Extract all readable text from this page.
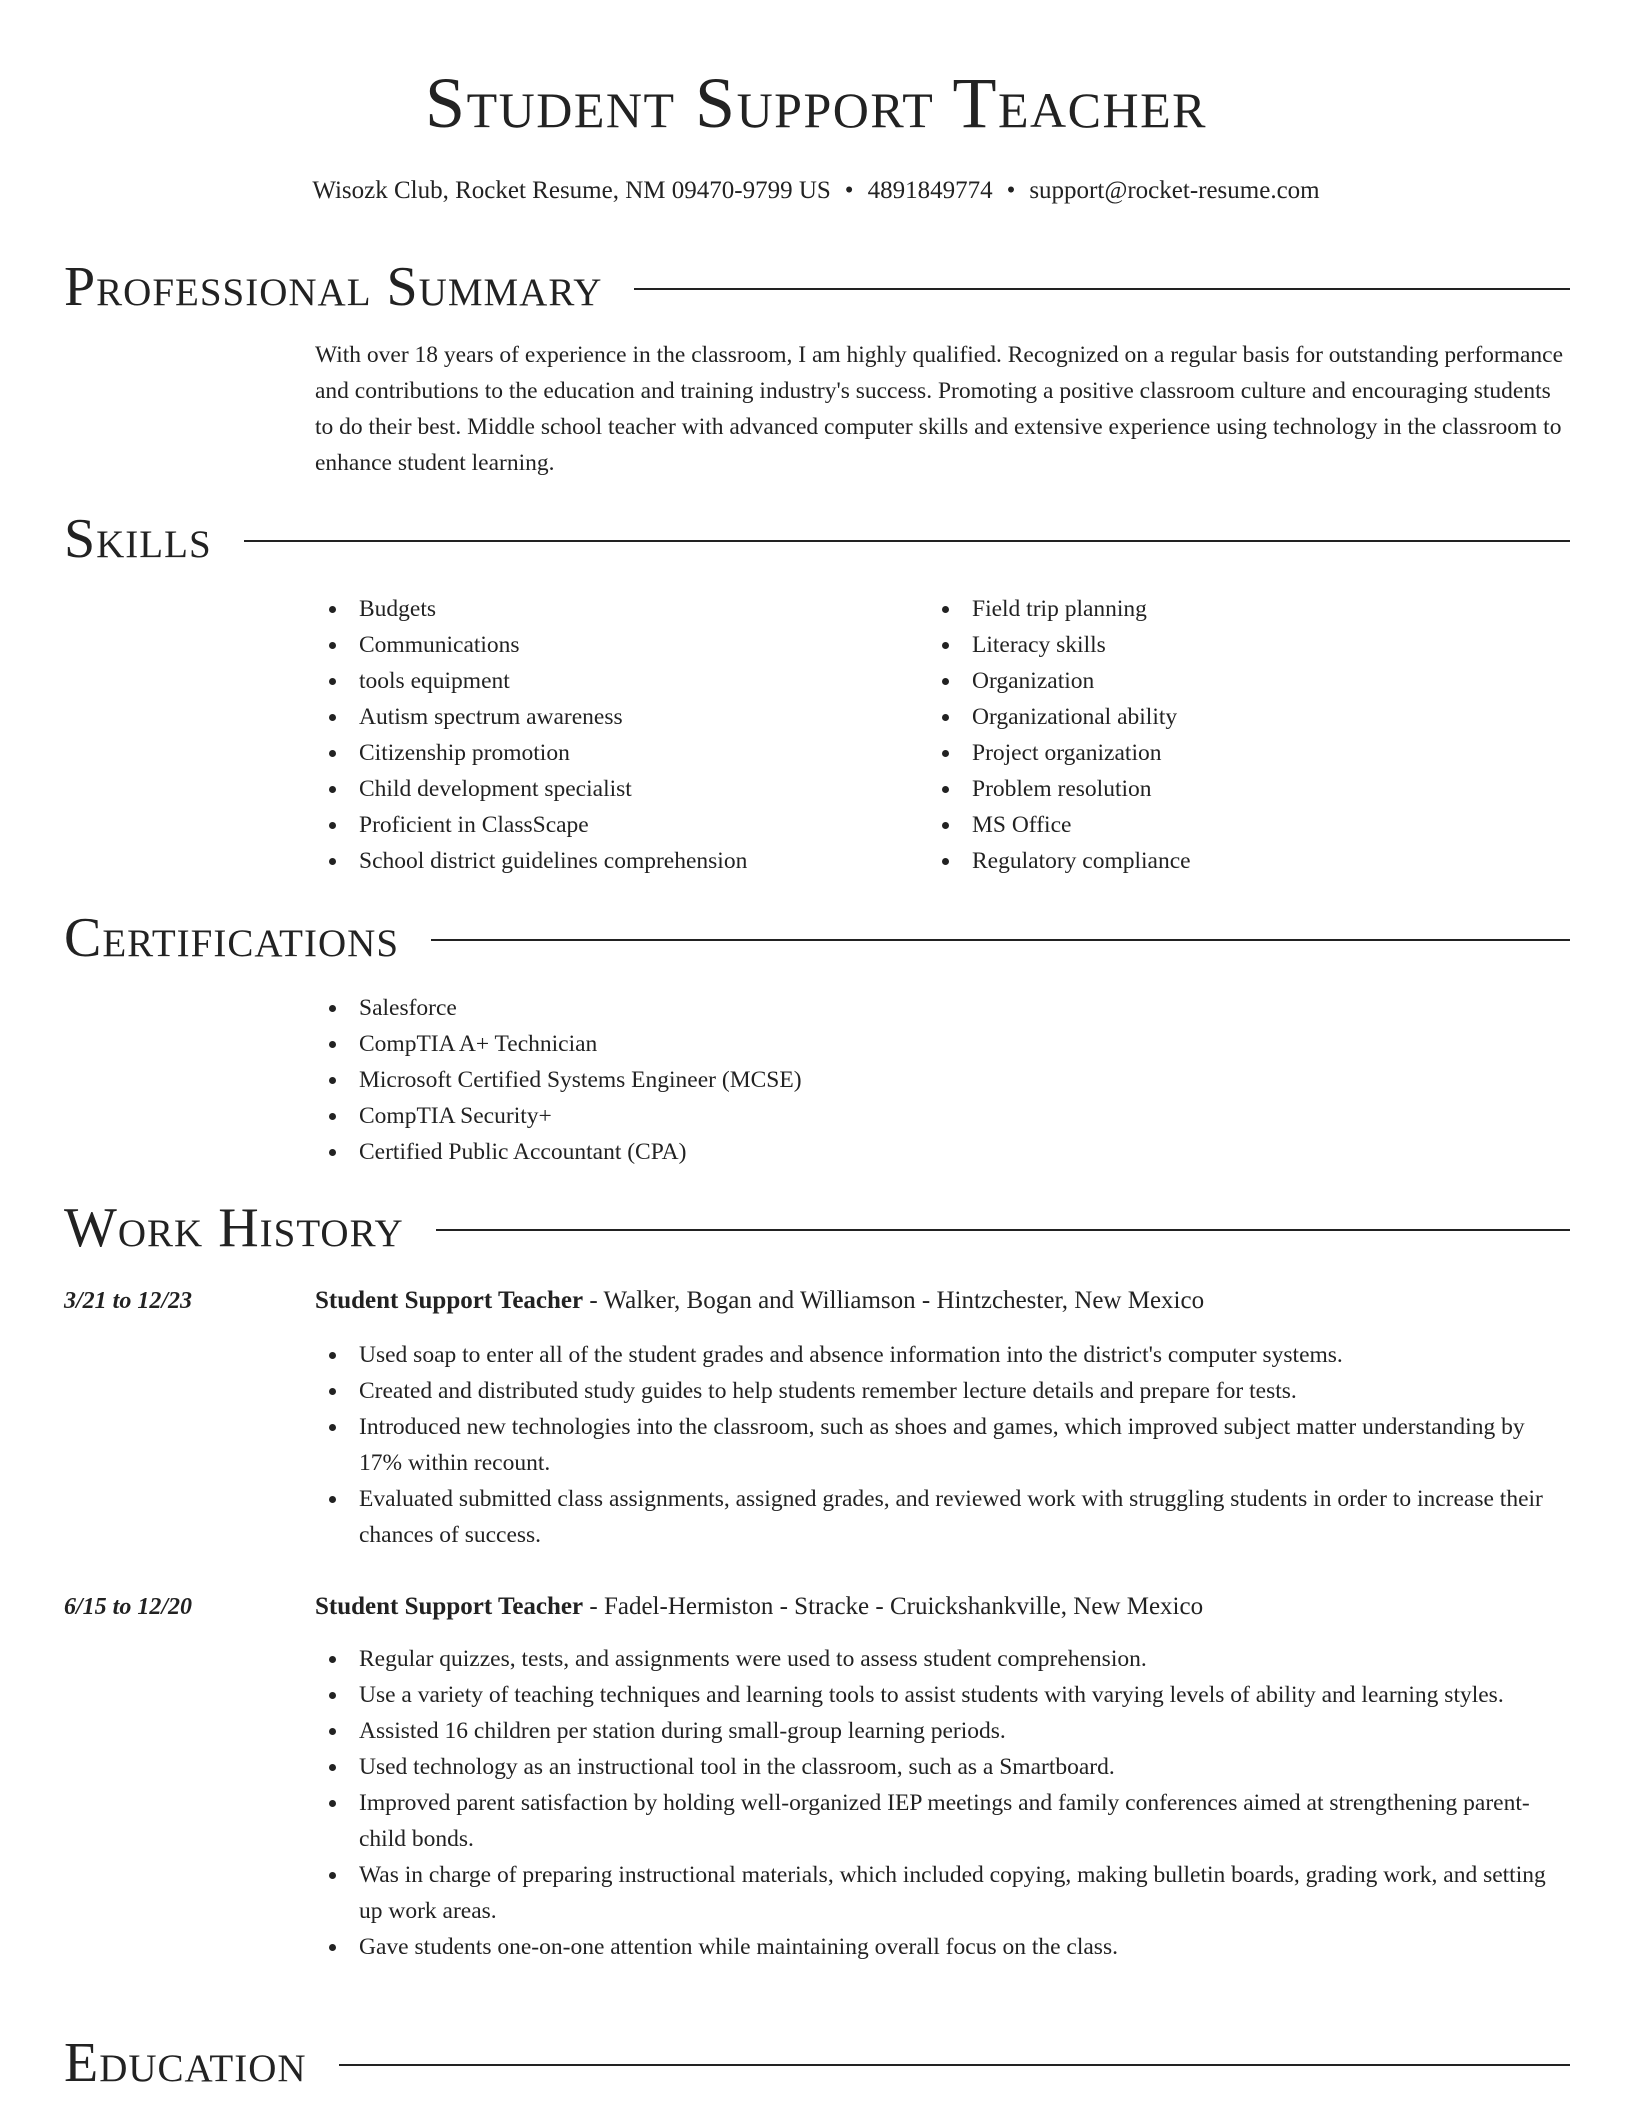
Student Support Teacher
Wisozk Club, Rocket Resume, NM 09470-9799 US • 4891849774 • support@rocket-resume.com
Professional Summary

With over 18 years of experience in the classroom, I am highly qualified. Recognized on a regular basis for outstanding performance and contributions to the education and training industry's success. Promoting a positive classroom culture and encouraging students to do their best. Middle school teacher with advanced computer skills and extensive experience using technology in the classroom to enhance student learning.

Skills
Budgets
Communications
tools equipment
Autism spectrum awareness
Citizenship promotion
Child development specialist
Proficient in ClassScape
School district guidelines comprehension
Field trip planning
Literacy skills
Organization
Organizational ability
Project organization
Problem resolution
MS Office
Regulatory compliance
Certifications
Salesforce
CompTIA A+ Technician
Microsoft Certified Systems Engineer (MCSE)
CompTIA Security+
Certified Public Accountant (CPA)
Work History
3/21 to 12/23	Student Support Teacher - Walker, Bogan and Williamson - Hintzchester, New Mexico
Used soap to enter all of the student grades and absence information into the district's computer systems.
Created and distributed study guides to help students remember lecture details and prepare for tests.
Introduced new technologies into the classroom, such as shoes and games, which improved subject matter understanding by 17% within recount.
Evaluated submitted class assignments, assigned grades, and reviewed work with struggling students in order to increase their chances of success.
6/15 to 12/20	Student Support Teacher - Fadel-Hermiston - Stracke - Cruickshankville, New Mexico
Regular quizzes, tests, and assignments were used to assess student comprehension.
Use a variety of teaching techniques and learning tools to assist students with varying levels of ability and learning styles.
Assisted 16 children per station during small-group learning periods.
Used technology as an instructional tool in the classroom, such as a Smartboard.
Improved parent satisfaction by holding well-organized IEP meetings and family conferences aimed at strengthening parent-child bonds.
Was in charge of preparing instructional materials, which included copying, making bulletin boards, grading work, and setting up work areas.
Gave students one-on-one attention while maintaining overall focus on the class.
Education
